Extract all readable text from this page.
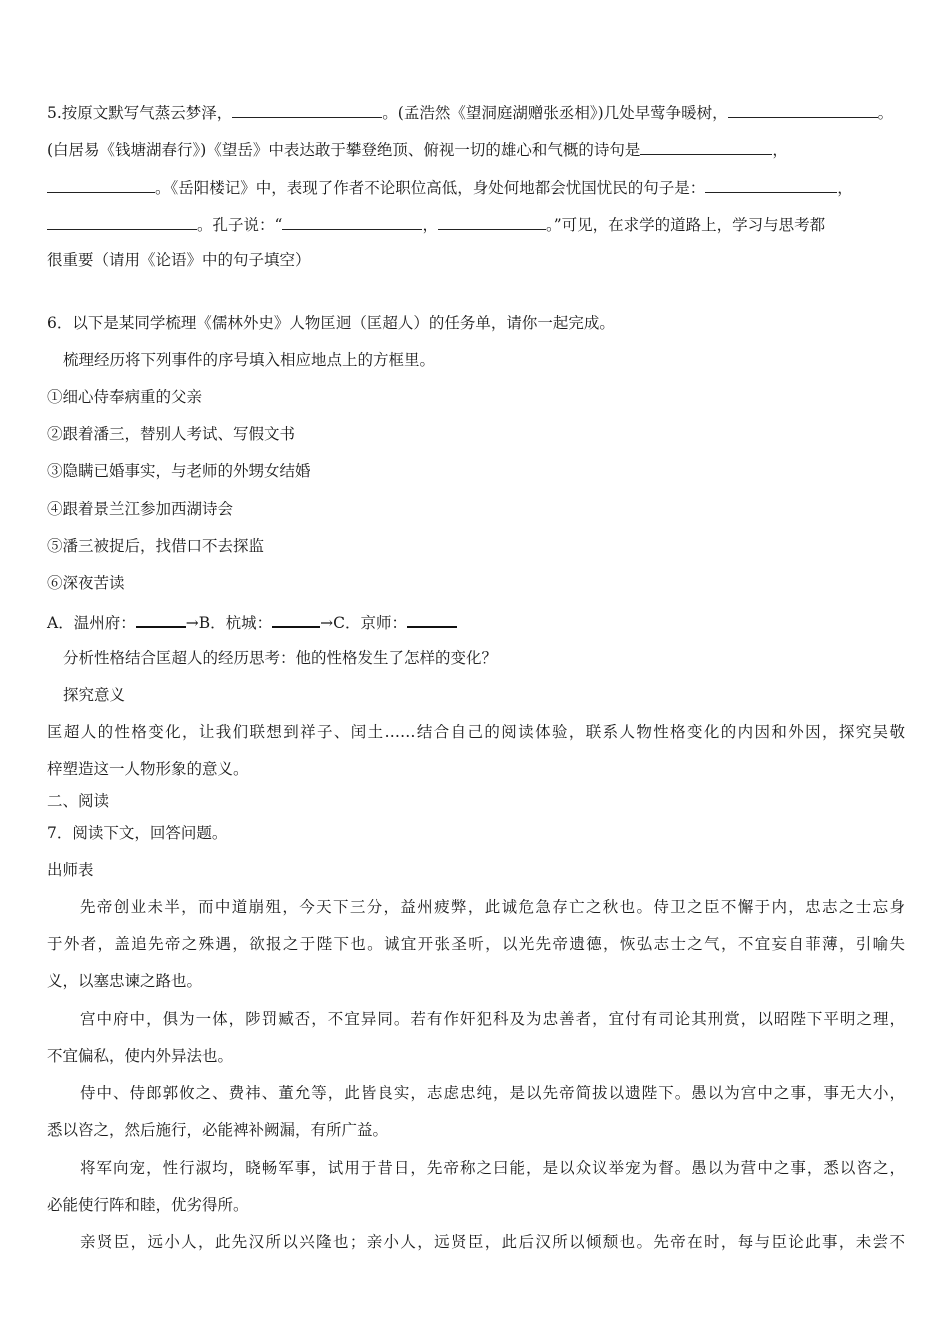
5.按原文默写气蒸云梦泽，	。(孟浩然《望洞庭湖赠张丞相》)几处早莺争暖树，	。
(白居易《钱塘湖春行》)《望岳》中表达敢于攀登绝顶、俯视一切的雄心和气概的诗句是	，
。《岳阳楼记》中，表现了作者不论职位高低，身处何地都会忧国忧民的句子是：	，
。孔子说：“	，	。”可见，在求学的道路上，学习与思考都
很重要（请用《论语》中的句子填空）
6．以下是某同学梳理《儒林外史》人物匡迥（匡超人）的任务单，请你一起完成。
梳理经历将下列事件的序号填入相应地点上的方框里。
①细心侍奉病重的父亲
②跟着潘三，替别人考试、写假文书
③隐瞒已婚事实，与老师的外甥女结婚
④跟着景兰江参加西湖诗会
⑤潘三被捉后，找借口不去探监
⑥深夜苦读
A．温州府：	→B．杭城：	→C．京师：
分析性格结合匡超人的经历思考：他的性格发生了怎样的变化？
探究意义
匡超人的性格变化，让我们联想到祥子、闰土……结合自己的阅读体验，联系人物性格变化的内因和外因，探究吴敬
梓塑造这一人物形象的意义。
二、阅读
7．阅读下文，回答问题。
出师表
先帝创业未半，而中道崩殂，今天下三分，益州疲弊，此诚危急存亡之秋也。侍卫之臣不懈于内，忠志之士忘身
于外者，盖追先帝之殊遇，欲报之于陛下也。诚宜开张圣听，以光先帝遗德，恢弘志士之气，不宜妄自菲薄，引喻失
义，以塞忠谏之路也。
宫中府中，俱为一体，陟罚臧否，不宜异同。若有作奸犯科及为忠善者，宜付有司论其刑赏，以昭陛下平明之理，
不宜偏私，使内外异法也。
侍中、侍郎郭攸之、费祎、董允等，此皆良实，志虑忠纯，是以先帝简拔以遗陛下。愚以为宫中之事，事无大小，
悉以咨之，然后施行，必能裨补阙漏，有所广益。
将军向宠，性行淑均，晓畅军事，试用于昔日，先帝称之曰能，是以众议举宠为督。愚以为营中之事，悉以咨之，
必能使行阵和睦，优劣得所。
亲贤臣，远小人，此先汉所以兴隆也；亲小人，远贤臣，此后汉所以倾颓也。先帝在时，每与臣论此事，未尝不
